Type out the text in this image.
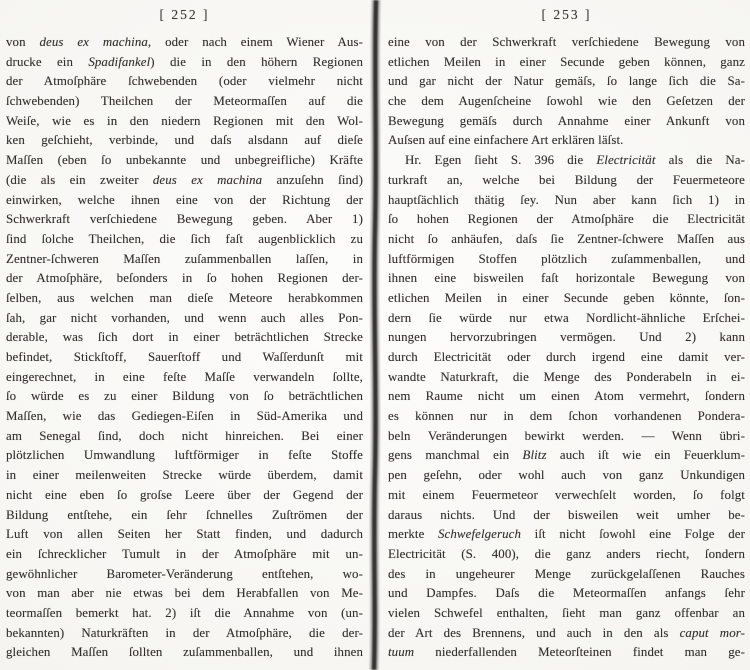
[ 252 ]
von deus ex machina, oder nach einem Wiener Aus-
drucke ein Spadifankel) die in den höhern Regionen
der Atmoſphäre ſchwebenden (oder vielmehr nicht
ſchwebenden) Theilchen der Meteormaſſen auf die
Weiſe, wie es in den niedern Regionen mit den Wol-
ken geſchieht, verbinde, und daſs alsdann auf dieſe
Maſſen (eben ſo unbekannte und unbegreifliche) Kräfte
(die als ein zweiter deus ex machina anzuſehn ſind)
einwirken, welche ihnen eine von der Richtung der
Schwerkraft verſchiedene Bewegung geben. Aber 1)
ſind ſolche Theilchen, die ſich faſt augenblicklich zu
Zentner-ſchweren Maſſen zuſammenballen laſſen, in
der Atmoſphäre, beſonders in ſo hohen Regionen der-
ſelben, aus welchen man dieſe Meteore herabkommen
ſah, gar nicht vorhanden, und wenn auch alles Pon-
derable, was ſich dort in einer beträchtlichen Strecke
befindet, Stickſtoff, Sauerſtoff und Waſſerdunſt mit
eingerechnet, in eine feſte Maſſe verwandeln ſollte,
ſo würde es zu einer Bildung von ſo beträchtlichen
Maſſen, wie das Gediegen-Eiſen in Süd-Amerika und
am Senegal ſind, doch nicht hinreichen. Bei einer
plötzlichen Umwandlung luftförmiger in feſte Stoffe
in einer meilenweiten Strecke würde überdem, damit
nicht eine eben ſo groſse Leere über der Gegend der
Bildung entſtehe, ein ſehr ſchnelles Zuſtrömen der
Luft von allen Seiten her Statt finden, und dadurch
ein ſchrecklicher Tumult in der Atmoſphäre mit un-
gewöhnlicher Barometer-Veränderung entſtehen, wo-
von man aber nie etwas bei dem Herabfallen von Me-
teormaſſen bemerkt hat. 2) iſt die Annahme von (un-
bekannten) Naturkräften in der Atmoſphäre, die der-
gleichen Maſſen ſollten zuſammenballen, und ihnen
[ 253 ]
eine von der Schwerkraft verſchiedene Bewegung von
etlichen Meilen in einer Secunde geben können, ganz
und gar nicht der Natur gemäſs, ſo lange ſich die Sa-
che dem Augenſcheine ſowohl wie den Geſetzen der
Bewegung gemäſs durch Annahme einer Ankunft von
Auſsen auf eine einfachere Art erklären läſst.
Hr. Egen ſieht S. 396 die Electricität als die Na-
turkraft an, welche bei Bildung der Feuermeteore
hauptſächlich thätig ſey. Nun aber kann ſich 1) in
ſo hohen Regionen der Atmoſphäre die Electricität
nicht ſo anhäufen, daſs ſie Zentner-ſchwere Maſſen aus
luftförmigen Stoffen plötzlich zuſammenballen, und
ihnen eine bisweilen faſt horizontale Bewegung von
etlichen Meilen in einer Secunde geben könnte, ſon-
dern ſie würde nur etwa Nordlicht-ähnliche Erſchei-
nungen hervorzubringen vermögen. Und 2) kann
durch Electricität oder durch irgend eine damit ver-
wandte Naturkraft, die Menge des Ponderabeln in ei-
nem Raume nicht um einen Atom vermehrt, ſondern
es können nur in dem ſchon vorhandenen Pondera-
beln Veränderungen bewirkt werden. — Wenn übri-
gens manchmal ein Blitz auch iſt wie ein Feuerklum-
pen geſehn, oder wohl auch von ganz Unkundigen
mit einem Feuermeteor verwechſelt worden, ſo folgt
daraus nichts. Und der bisweilen weit umher be-
merkte Schwefelgeruch iſt nicht ſowohl eine Folge der
Electricität (S. 400), die ganz anders riecht, ſondern
des in ungeheurer Menge zurückgelaſſenen Rauches
und Dampfes. Daſs die Meteormaſſen anfangs ſehr
vielen Schwefel enthalten, ſieht man ganz offenbar an
der Art des Brennens, und auch in den als caput mor-
tuum niederfallenden Meteorſteinen findet man ge-
